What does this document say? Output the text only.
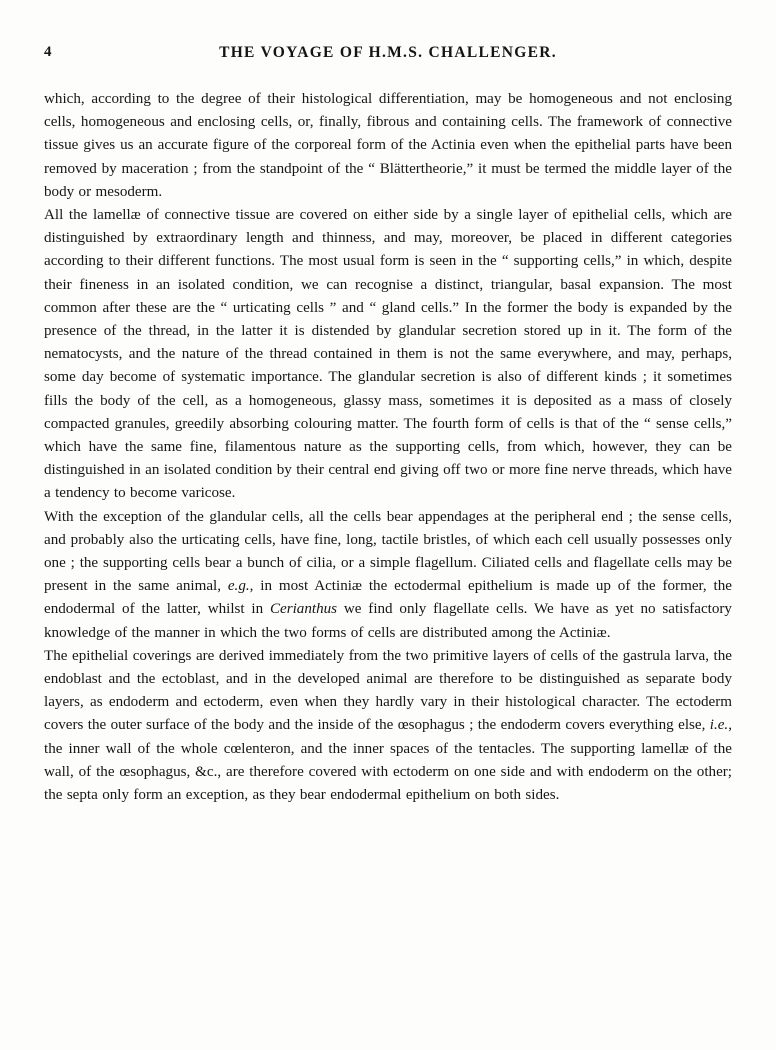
4	THE VOYAGE OF H.M.S. CHALLENGER.

which, according to the degree of their histological differentiation, may be homogeneous and not enclosing cells, homogeneous and enclosing cells, or, finally, fibrous and containing cells. The framework of connective tissue gives us an accurate figure of the corporeal form of the Actinia even when the epithelial parts have been removed by maceration ; from the standpoint of the “ Blättertheorie,” it must be termed the middle layer of the body or mesoderm.

All the lamellæ of connective tissue are covered on either side by a single layer of epithelial cells, which are distinguished by extraordinary length and thinness, and may, moreover, be placed in different categories according to their different functions. The most usual form is seen in the “ supporting cells,” in which, despite their fineness in an isolated condition, we can recognise a distinct, triangular, basal expansion. The most common after these are the “ urticating cells ” and “ gland cells.” In the former the body is expanded by the presence of the thread, in the latter it is distended by glandular secretion stored up in it. The form of the nematocysts, and the nature of the thread contained in them is not the same everywhere, and may, perhaps, some day become of systematic importance. The glandular secretion is also of different kinds ; it sometimes fills the body of the cell, as a homogeneous, glassy mass, sometimes it is deposited as a mass of closely compacted granules, greedily absorbing colouring matter. The fourth form of cells is that of the “ sense cells,” which have the same fine, filamentous nature as the supporting cells, from which, however, they can be distinguished in an isolated condition by their central end giving off two or more fine nerve threads, which have a tendency to become varicose.

With the exception of the glandular cells, all the cells bear appendages at the peripheral end ; the sense cells, and probably also the urticating cells, have fine, long, tactile bristles, of which each cell usually possesses only one ; the supporting cells bear a bunch of cilia, or a simple flagellum. Ciliated cells and flagellate cells may be present in the same animal, e.g., in most Actiniæ the ectodermal epithelium is made up of the former, the endodermal of the latter, whilst in Cerianthus we find only flagellate cells. We have as yet no satisfactory knowledge of the manner in which the two forms of cells are distributed among the Actiniæ.

The epithelial coverings are derived immediately from the two primitive layers of cells of the gastrula larva, the endoblast and the ectoblast, and in the developed animal are therefore to be distinguished as separate body layers, as endoderm and ectoderm, even when they hardly vary in their histological character. The ectoderm covers the outer surface of the body and the inside of the œsophagus ; the endoderm covers everything else, i.e., the inner wall of the whole cœlenteron, and the inner spaces of the tentacles. The supporting lamellæ of the wall, of the œsophagus, &c., are therefore covered with ectoderm on one side and with endoderm on the other; the septa only form an exception, as they bear endodermal epithelium on both sides.
